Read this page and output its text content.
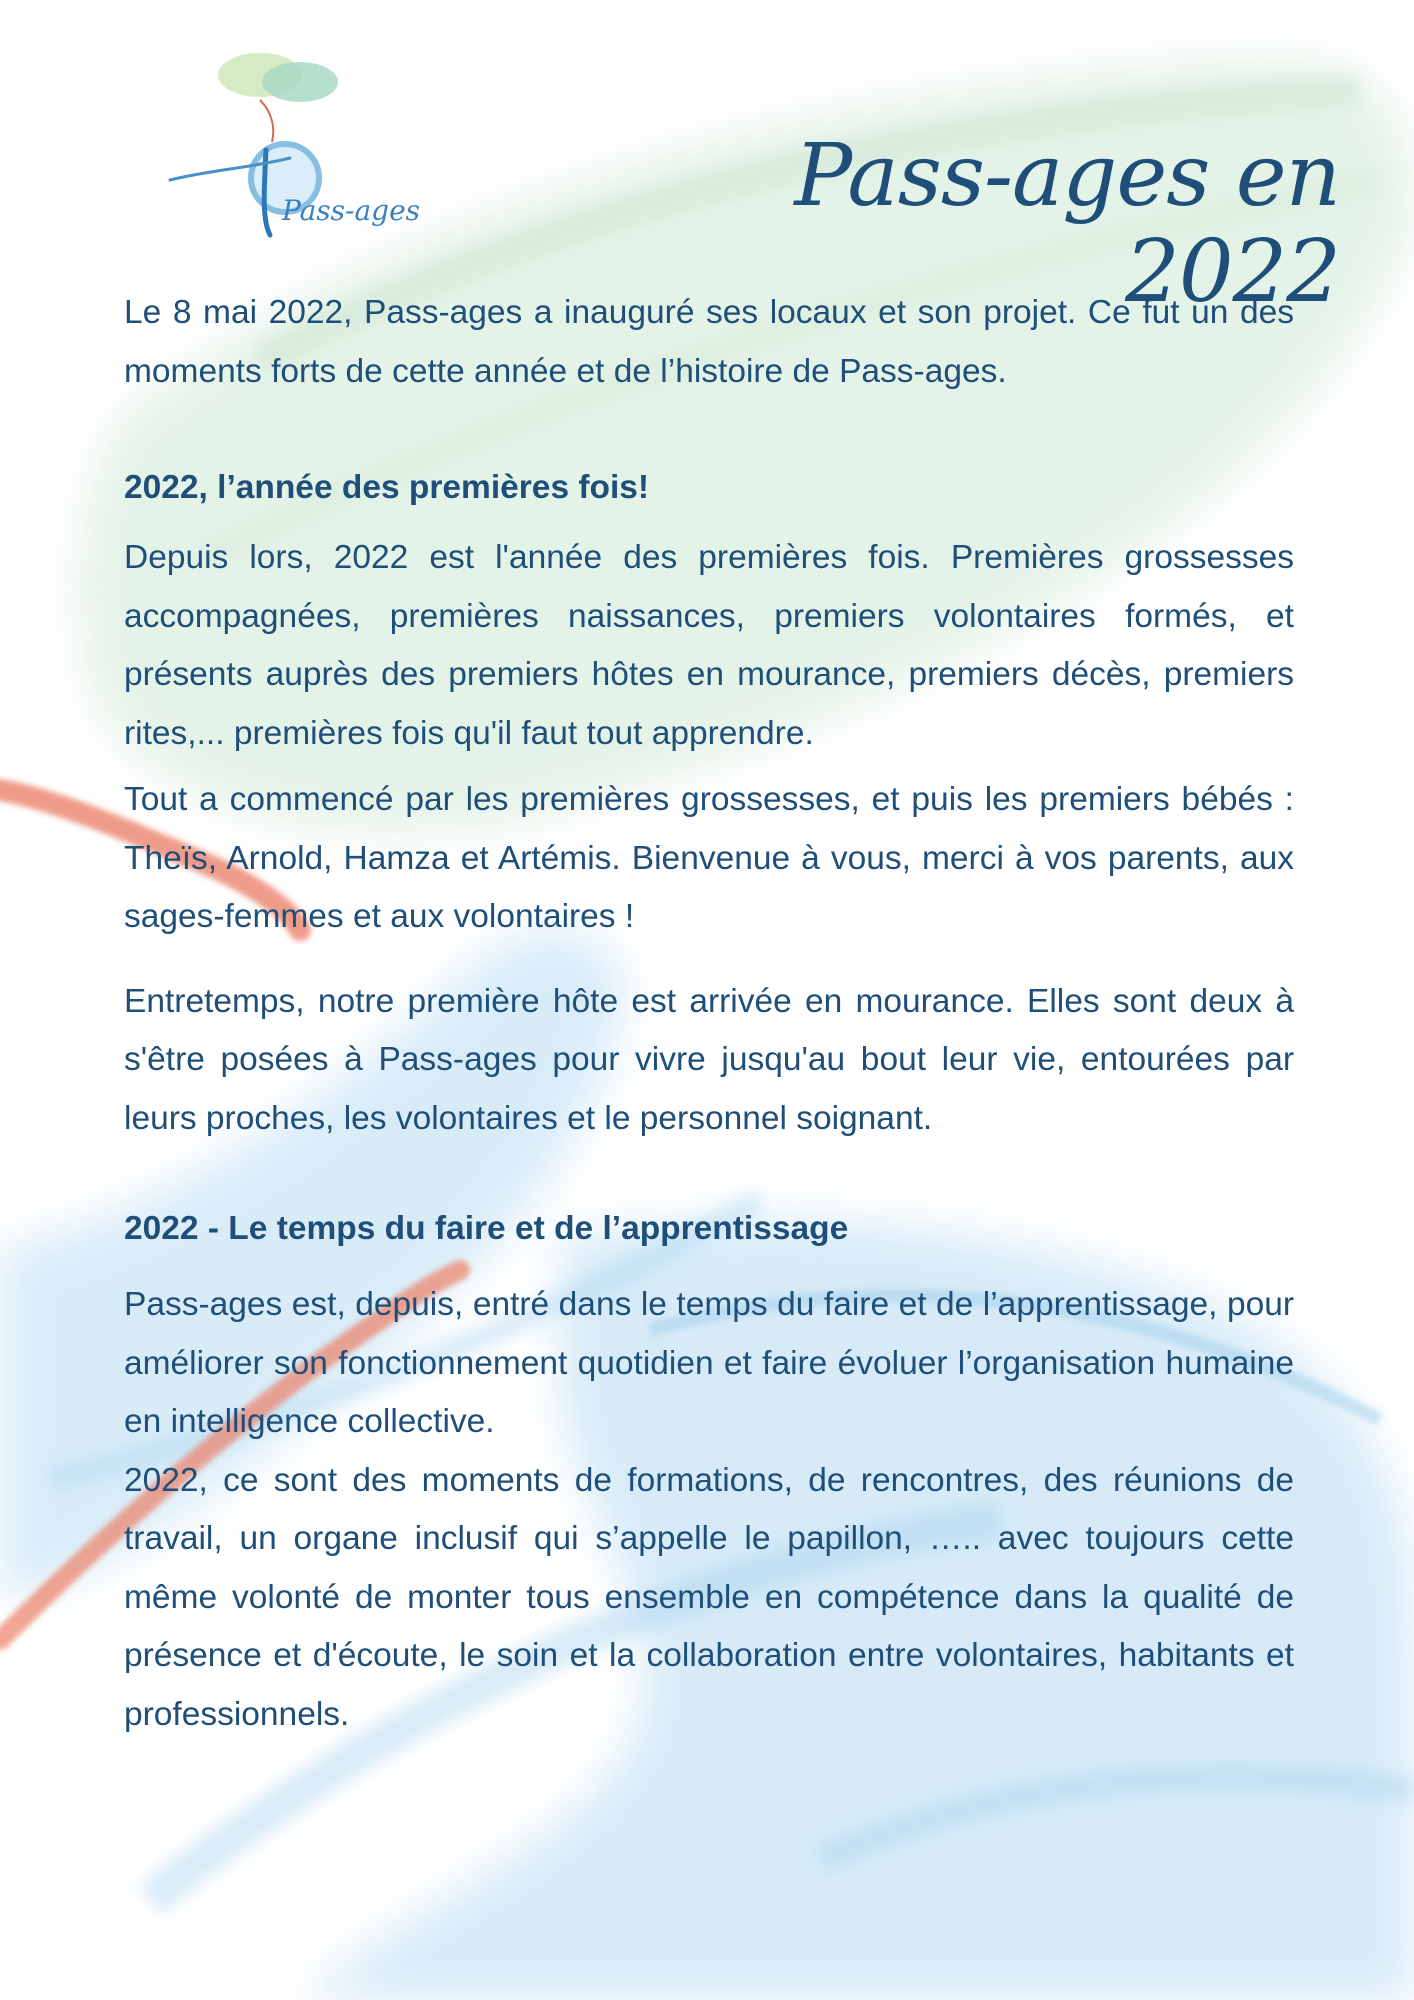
Pass-ages	Pass-ages en 2022

Le 8 mai 2022, Pass-ages a inauguré ses locaux et son projet. Ce fut un des moments forts de cette année et de l’histoire de Pass-ages.

2022, l’année des premières fois!

Depuis lors, 2022 est l'année des premières fois. Premières grossesses accompagnées, premières naissances, premiers volontaires formés, et présents auprès des premiers hôtes en mourance, premiers décès, premiers rites,... premières fois qu'il faut tout apprendre.

Tout a commencé par les premières grossesses, et puis les premiers bébés : Theïs, Arnold, Hamza et Artémis. Bienvenue à vous, merci à vos parents, aux sages-femmes et aux volontaires !

Entretemps, notre première hôte est arrivée en mourance. Elles sont deux à s'être posées à Pass-ages pour vivre jusqu'au bout leur vie, entourées par leurs proches, les volontaires et le personnel soignant.

2022 - Le temps du faire et de l’apprentissage

Pass-ages est, depuis, entré dans le temps du faire et de l’apprentissage, pour améliorer son fonctionnement quotidien et faire évoluer l’organisation humaine en intelligence collective.

2022, ce sont des moments de formations, de rencontres, des réunions de travail, un organe inclusif qui s’appelle le papillon, ….. avec toujours cette même volonté de monter tous ensemble en compétence dans la qualité de présence et d'écoute, le soin et la collaboration entre volontaires, habitants et professionnels.
